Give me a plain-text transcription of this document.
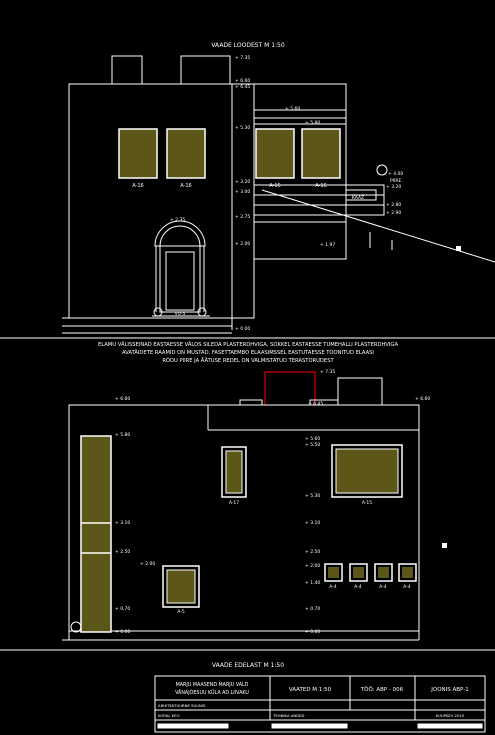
VAADE LOODEST M 1:50
A-16	A-16	A-16	A-16
VU-5
KAAZ
+ 7.35
+ 6.60
+ 6.45
+ 5.60
+ 5.80
+ 5.30
+ 3.20
+ 3.00
+ 2.75
+ 2.35
+ 2.00	+ 1.97
+ 0.00
+ 4.00
PIIRE
+ 3.20
+ 2.80
+ 2.90
ELAMU VÄLISSEINAD EASTAESSE VÄLOS SILEDA PLASTERDHVIGA, SOKKEL EASTAESSE TUMEHALLI PLASTERDHVIGA
AVATÄIDETE RAAMID ON MUSTAD. FASETTAEMBO ELAASIMSSEL EASTUTAESSE TOONITUD ELAASI
RÕDU PIIRE JA ÄÄTUSE REDEL ON VALMISTATUD TERASTORUDEST
A-17	A-15
A-5
A-4	A-4	A-4	A-4
+ 7.35
+ 6.60	+ 6.60
+ 6.45
+ 5.60
+ 5.80
+ 5.50
+ 5.30
+ 3.10	+ 3.10
+ 2.50	+ 2.50
+ 2.00	+ 2.00
+ 1.40
+ 0.70	+ 0.70
+ 0.00	+ 0.00
VAADE EDELAST M 1:50
MARJU MAASEND MARJU VALD
VÄNAJÕESUU KÜLA AD.LIIVAKU
VAATED M 1:50	TÖÖ: ABP - 006	JOONIS ABP-1
ARHITEKTUURNE SUUNIS
KORAL KEO	TEHNIKA ANDED	KUUPÄEV 2015
